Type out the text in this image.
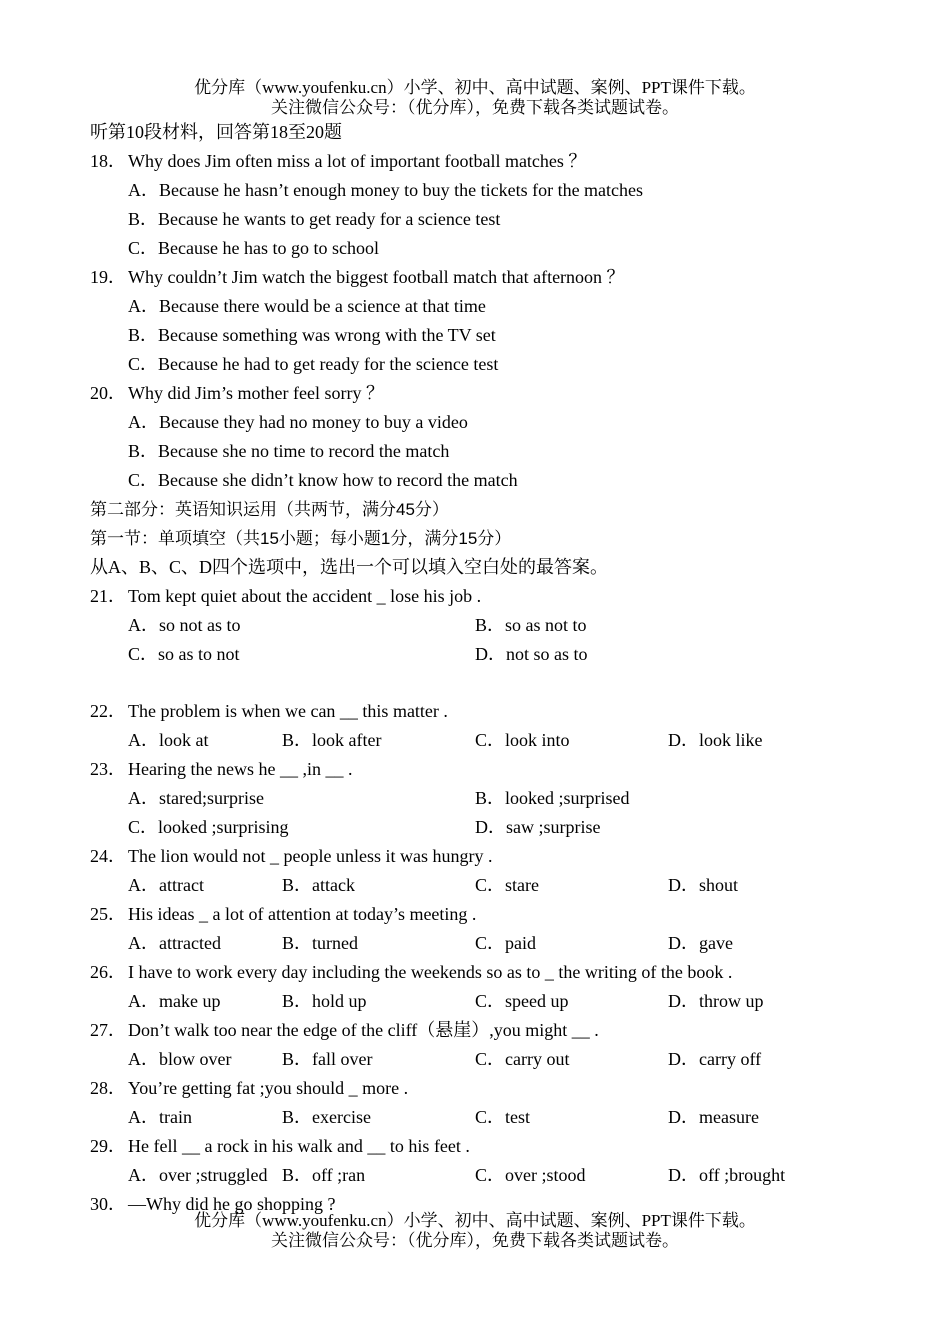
优分库（www.youfenku.cn）小学、初中、高中试题、案例、PPT课件下载。
关注微信公众号：（优分库），免费下载各类试题试卷。
听第10段材料，回答第18至20题
18． Why does Jim often miss a lot of important football matches ？
A．Because he hasn’t enough money to buy the tickets for the matches
B．Because he wants to get ready for a science test
C．Because he has to go to school
19． Why couldn’t Jim watch the biggest football match that afternoon ？
A．Because there would be a science at that time
B．Because something was wrong with the TV set
C．Because he had to get ready for the science test
20． Why did Jim’s mother feel sorry ？
A．Because they had no money to buy a video
B．Because she no time to record the match
C．Because she didn’t know how to record the match
第二部分：英语知识运用（共两节，满分45分）
第一节：单项填空（共15小题；每小题1分，满分15分）
从A、B、C、D四个选项中，选出一个可以填入空白处的最答案。
21． Tom kept quiet about the accident _ lose his job .
A．so not as to	B．so as not to
C．so as to not	D．not so as to
22． The problem is when we can __ this matter .
A．look at	B．look after	C．look into	D．look like
23． Hearing the news he __ ,in __ .
A．stared;surprise	B．looked ;surprised
C．looked ;surprising	D．saw ;surprise
24． The lion would not _ people unless it was hungry .
A．attract	B．attack	C．stare	D．shout
25． His ideas _ a lot of attention at today’s meeting .
A．attracted	B．turned	C．paid	D．gave
26． I have to work every day including the weekends so as to _ the writing of the book .
A．make up	B．hold up	C．speed up	D．throw up
27． Don’t walk too near the edge of the cliff（悬崖）,you might __ .
A．blow over	B．fall over	C．carry out	D．carry off
28． You’re getting fat ;you should _ more .
A．train	B．exercise	C．test	D．measure
29． He fell __ a rock in his walk and __ to his feet .
A．over ;struggled B．off ;ran	C．over ;stood	D．off ;brought
30． —Why did he go shopping ?
优分库（www.youfenku.cn）小学、初中、高中试题、案例、PPT课件下载。
关注微信公众号：（优分库），免费下载各类试题试卷。
